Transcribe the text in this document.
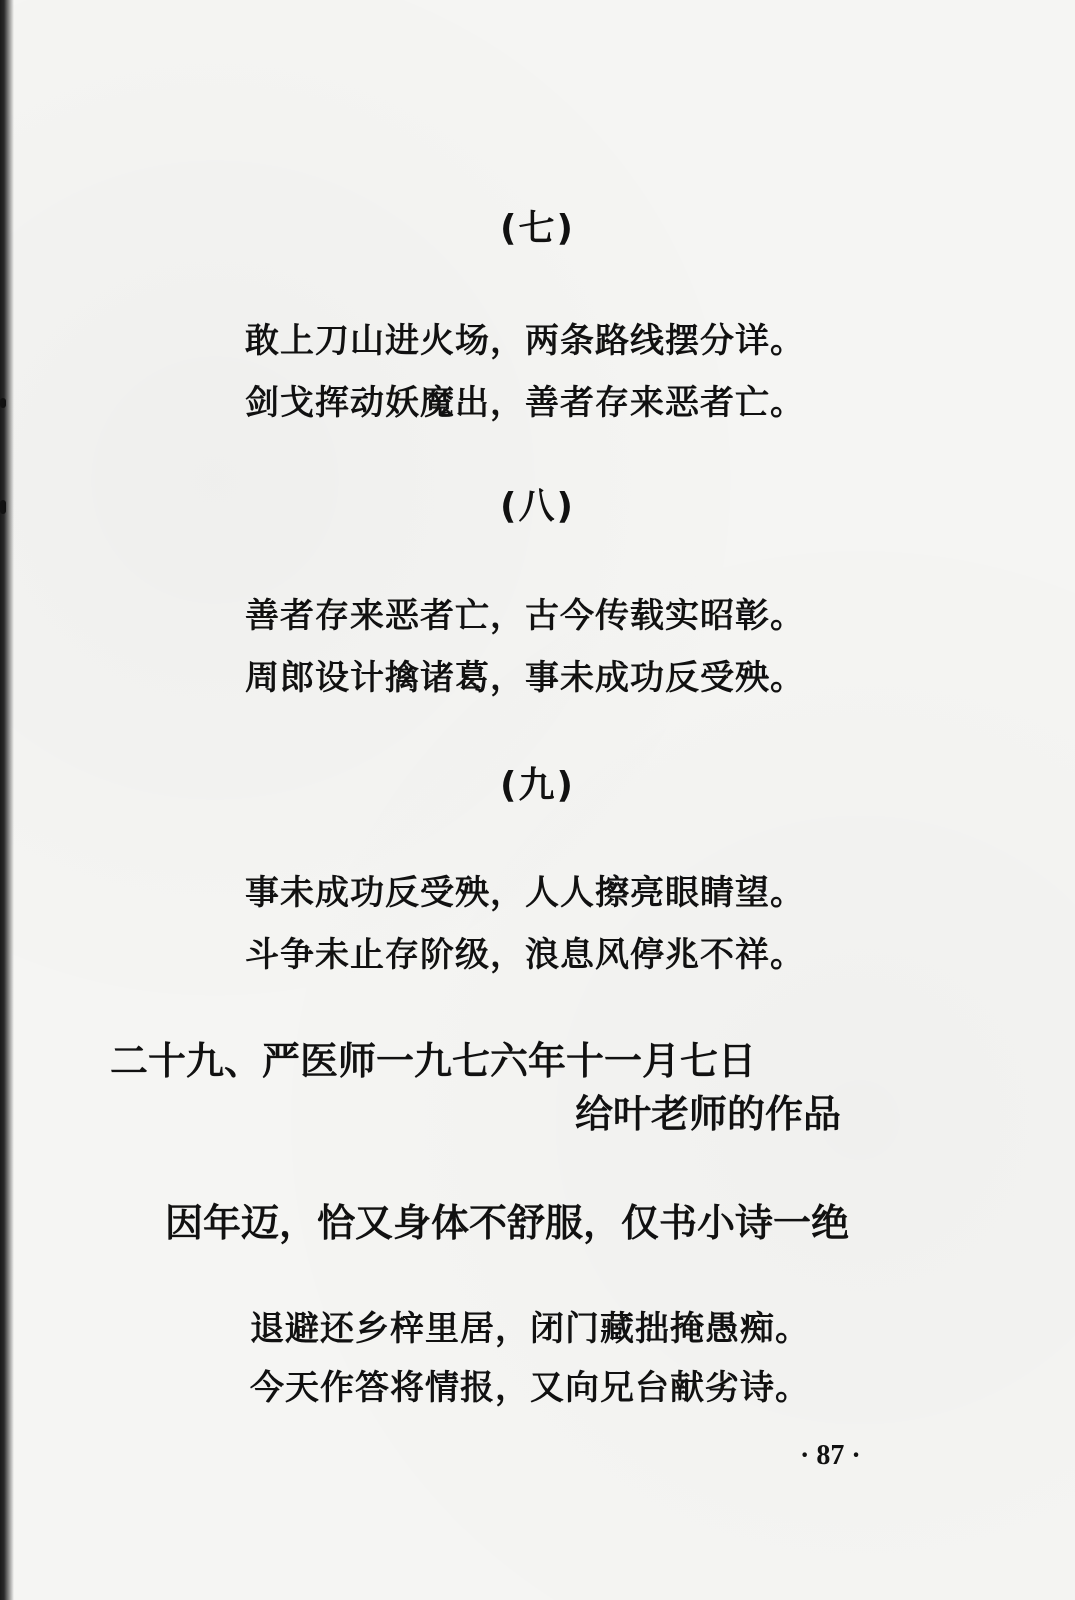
(七)
敢上刀山进火场，两条路线摆分详。
剑戈挥动妖魔出，善者存来恶者亡。
(八)
善者存来恶者亡，古今传载实昭彰。
周郎设计擒诸葛，事未成功反受殃。
(九)
事未成功反受殃，人人擦亮眼睛望。
斗争未止存阶级，浪息风停兆不祥。
二十九、严医师一九七六年十一月七日
给叶老师的作品
因年迈，恰又身体不舒服，仅书小诗一绝
退避还乡梓里居，闭门藏拙掩愚痴。
今天作答将情报，又向兄台献劣诗。
· 87 ·
